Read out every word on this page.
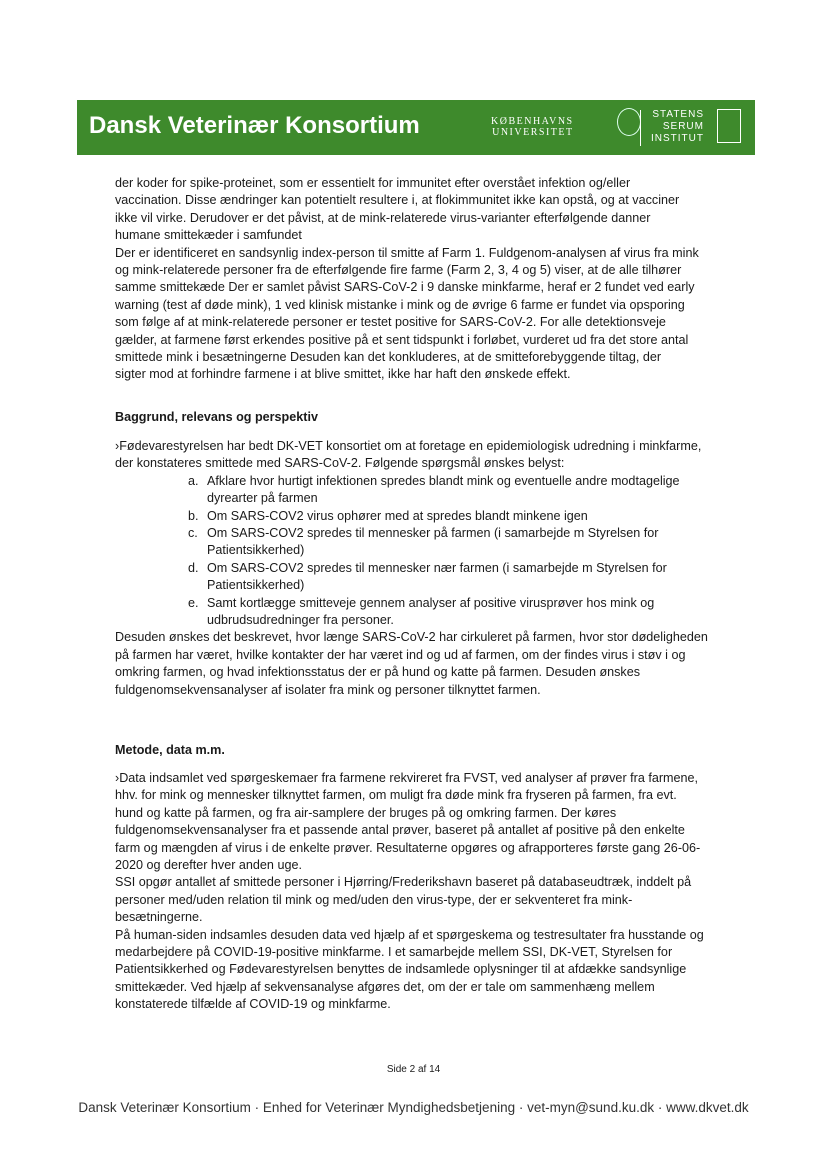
Dansk Veterinær Konsortium	KØBENHAVNS
UNIVERSITET
STATENS
SERUM
INSTITUT
der koder for spike-proteinet, som er essentielt for immunitet efter overstået infektion og/eller
vaccination. Disse ændringer kan potentielt resultere i, at flokimmunitet ikke kan opstå, og at vacciner
ikke vil virke. Derudover er det påvist, at de mink-relaterede virus-varianter efterfølgende danner
humane smittekæder i samfundet
Der er identificeret en sandsynlig index-person til smitte af Farm 1. Fuldgenom-analysen af virus fra mink
og mink-relaterede personer fra de efterfølgende fire farme (Farm 2, 3, 4 og 5) viser, at de alle tilhører
samme smittekæde Der er samlet påvist SARS-CoV-2 i 9 danske minkfarme, heraf er 2 fundet ved early
warning (test af døde mink), 1 ved klinisk mistanke i mink og de øvrige 6 farme er fundet via opsporing
som følge af at mink-relaterede personer er testet positive for SARS-CoV-2. For alle detektionsveje
gælder, at farmene først erkendes positive på et sent tidspunkt i forløbet, vurderet ud fra det store antal
smittede mink i besætningerne Desuden kan det konkluderes, at de smitteforebyggende tiltag, der
sigter mod at forhindre farmene i at blive smittet, ikke har haft den ønskede effekt.
Baggrund, relevans og perspektiv
›Fødevarestyrelsen har bedt DK-VET konsortiet om at foretage en epidemiologisk udredning i minkfarme,
der konstateres smittede med SARS-CoV-2. Følgende spørgsmål ønskes belyst:
a. Afklare hvor hurtigt infektionen spredes blandt mink og eventuelle andre modtagelige
dyrearter på farmen
b. Om SARS-COV2 virus ophører med at spredes blandt minkene igen
c. Om SARS-COV2 spredes til mennesker på farmen (i samarbejde m Styrelsen for
Patientsikkerhed)
d. Om SARS-COV2 spredes til mennesker nær farmen (i samarbejde m Styrelsen for
Patientsikkerhed)
e. Samt kortlægge smitteveje gennem analyser af positive virusprøver hos mink og
udbrudsudredninger fra personer.
Desuden ønskes det beskrevet, hvor længe SARS-CoV-2 har cirkuleret på farmen, hvor stor dødeligheden
på farmen har været, hvilke kontakter der har været ind og ud af farmen, om der findes virus i støv i og
omkring farmen, og hvad infektionsstatus der er på hund og katte på farmen. Desuden ønskes
fuldgenomsekvensanalyser af isolater fra mink og personer tilknyttet farmen.
Metode, data m.m.
›Data indsamlet ved spørgeskemaer fra farmene rekvireret fra FVST, ved analyser af prøver fra farmene,
hhv. for mink og mennesker tilknyttet farmen, om muligt fra døde mink fra fryseren på farmen, fra evt.
hund og katte på farmen, og fra air-samplere der bruges på og omkring farmen. Der køres
fuldgenomsekvensanalyser fra et passende antal prøver, baseret på antallet af positive på den enkelte
farm og mængden af virus i de enkelte prøver. Resultaterne opgøres og afrapporteres første gang 26-06-
2020 og derefter hver anden uge.
SSI opgør antallet af smittede personer i Hjørring/Frederikshavn baseret på databaseudtræk, inddelt på
personer med/uden relation til mink og med/uden den virus-type, der er sekventeret fra mink-
besætningerne.
På human-siden indsamles desuden data ved hjælp af et spørgeskema og testresultater fra husstande og
medarbejdere på COVID-19-positive minkfarme. I et samarbejde mellem SSI, DK-VET, Styrelsen for
Patientsikkerhed og Fødevarestyrelsen benyttes de indsamlede oplysninger til at afdække sandsynlige
smittekæder. Ved hjælp af sekvensanalyse afgøres det, om der er tale om sammenhæng mellem
konstaterede tilfælde af COVID-19 og minkfarme.
Side 2 af 14
Dansk Veterinær Konsortium · Enhed for Veterinær Myndighedsbetjening · vet-myn@sund.ku.dk · www.dkvet.dk
